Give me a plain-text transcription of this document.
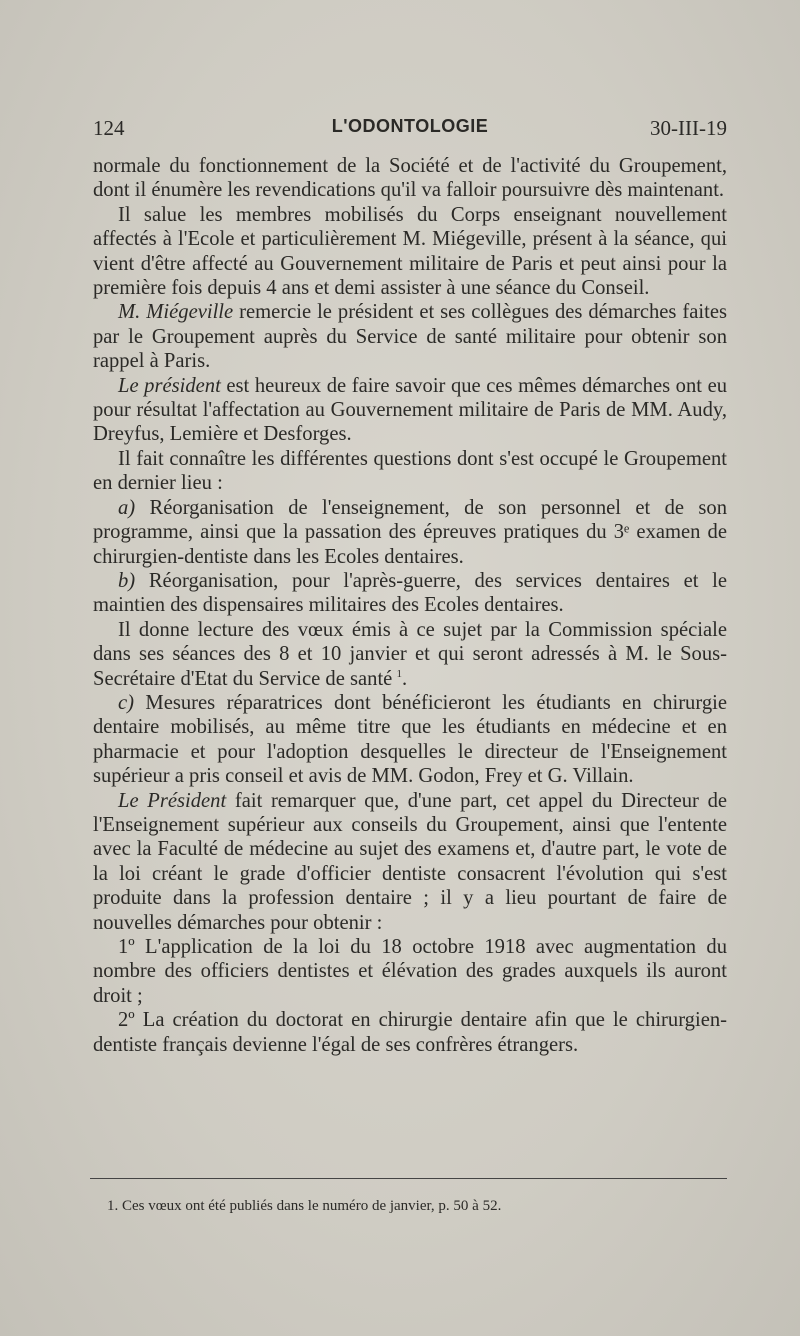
124	L'ODONTOLOGIE	30-III-19

normale du fonctionnement de la Société et de l'activité du Groupement, dont il énumère les revendications qu'il va falloir poursuivre dès maintenant.

Il salue les membres mobilisés du Corps enseignant nouvellement affectés à l'Ecole et particulièrement M. Miégeville, présent à la séance, qui vient d'être affecté au Gouvernement militaire de Paris et peut ainsi pour la première fois depuis 4 ans et demi assister à une séance du Conseil.

M. Miégeville remercie le président et ses collègues des démarches faites par le Groupement auprès du Service de santé militaire pour obtenir son rappel à Paris.

Le président est heureux de faire savoir que ces mêmes démarches ont eu pour résultat l'affectation au Gouvernement militaire de Paris de MM. Audy, Dreyfus, Lemière et Desforges.

Il fait connaître les différentes questions dont s'est occupé le Groupement en dernier lieu :

a) Réorganisation de l'enseignement, de son personnel et de son programme, ainsi que la passation des épreuves pratiques du 3ᵉ examen de chirurgien-dentiste dans les Ecoles dentaires.

b) Réorganisation, pour l'après-guerre, des services dentaires et le maintien des dispensaires militaires des Ecoles dentaires.

Il donne lecture des vœux émis à ce sujet par la Commission spéciale dans ses séances des 8 et 10 janvier et qui seront adressés à M. le Sous-Secrétaire d'Etat du Service de santé  $^1$.

c) Mesures réparatrices dont bénéficieront les étudiants en chirurgie dentaire mobilisés, au même titre que les étudiants en médecine et en pharmacie et pour l'adoption desquelles le directeur de l'Enseignement supérieur a pris conseil et avis de MM. Godon, Frey et G. Villain.

Le Président fait remarquer que, d'une part, cet appel du Directeur de l'Enseignement supérieur aux conseils du Groupement, ainsi que l'entente avec la Faculté de médecine au sujet des examens et, d'autre part, le vote de la loi créant le grade d'officier dentiste consacrent l'évolution qui s'est produite dans la profession dentaire ; il y a lieu pourtant de faire de nouvelles démarches pour obtenir :

1º L'application de la loi du 18 octobre 1918 avec augmentation du nombre des officiers dentistes et élévation des grades auxquels ils auront droit ;

2º La création du doctorat en chirurgie dentaire afin que le chirurgien-dentiste français devienne l'égal de ses confrères étrangers.

1. Ces vœux ont été publiés dans le numéro de janvier, p. 50 à 52.
